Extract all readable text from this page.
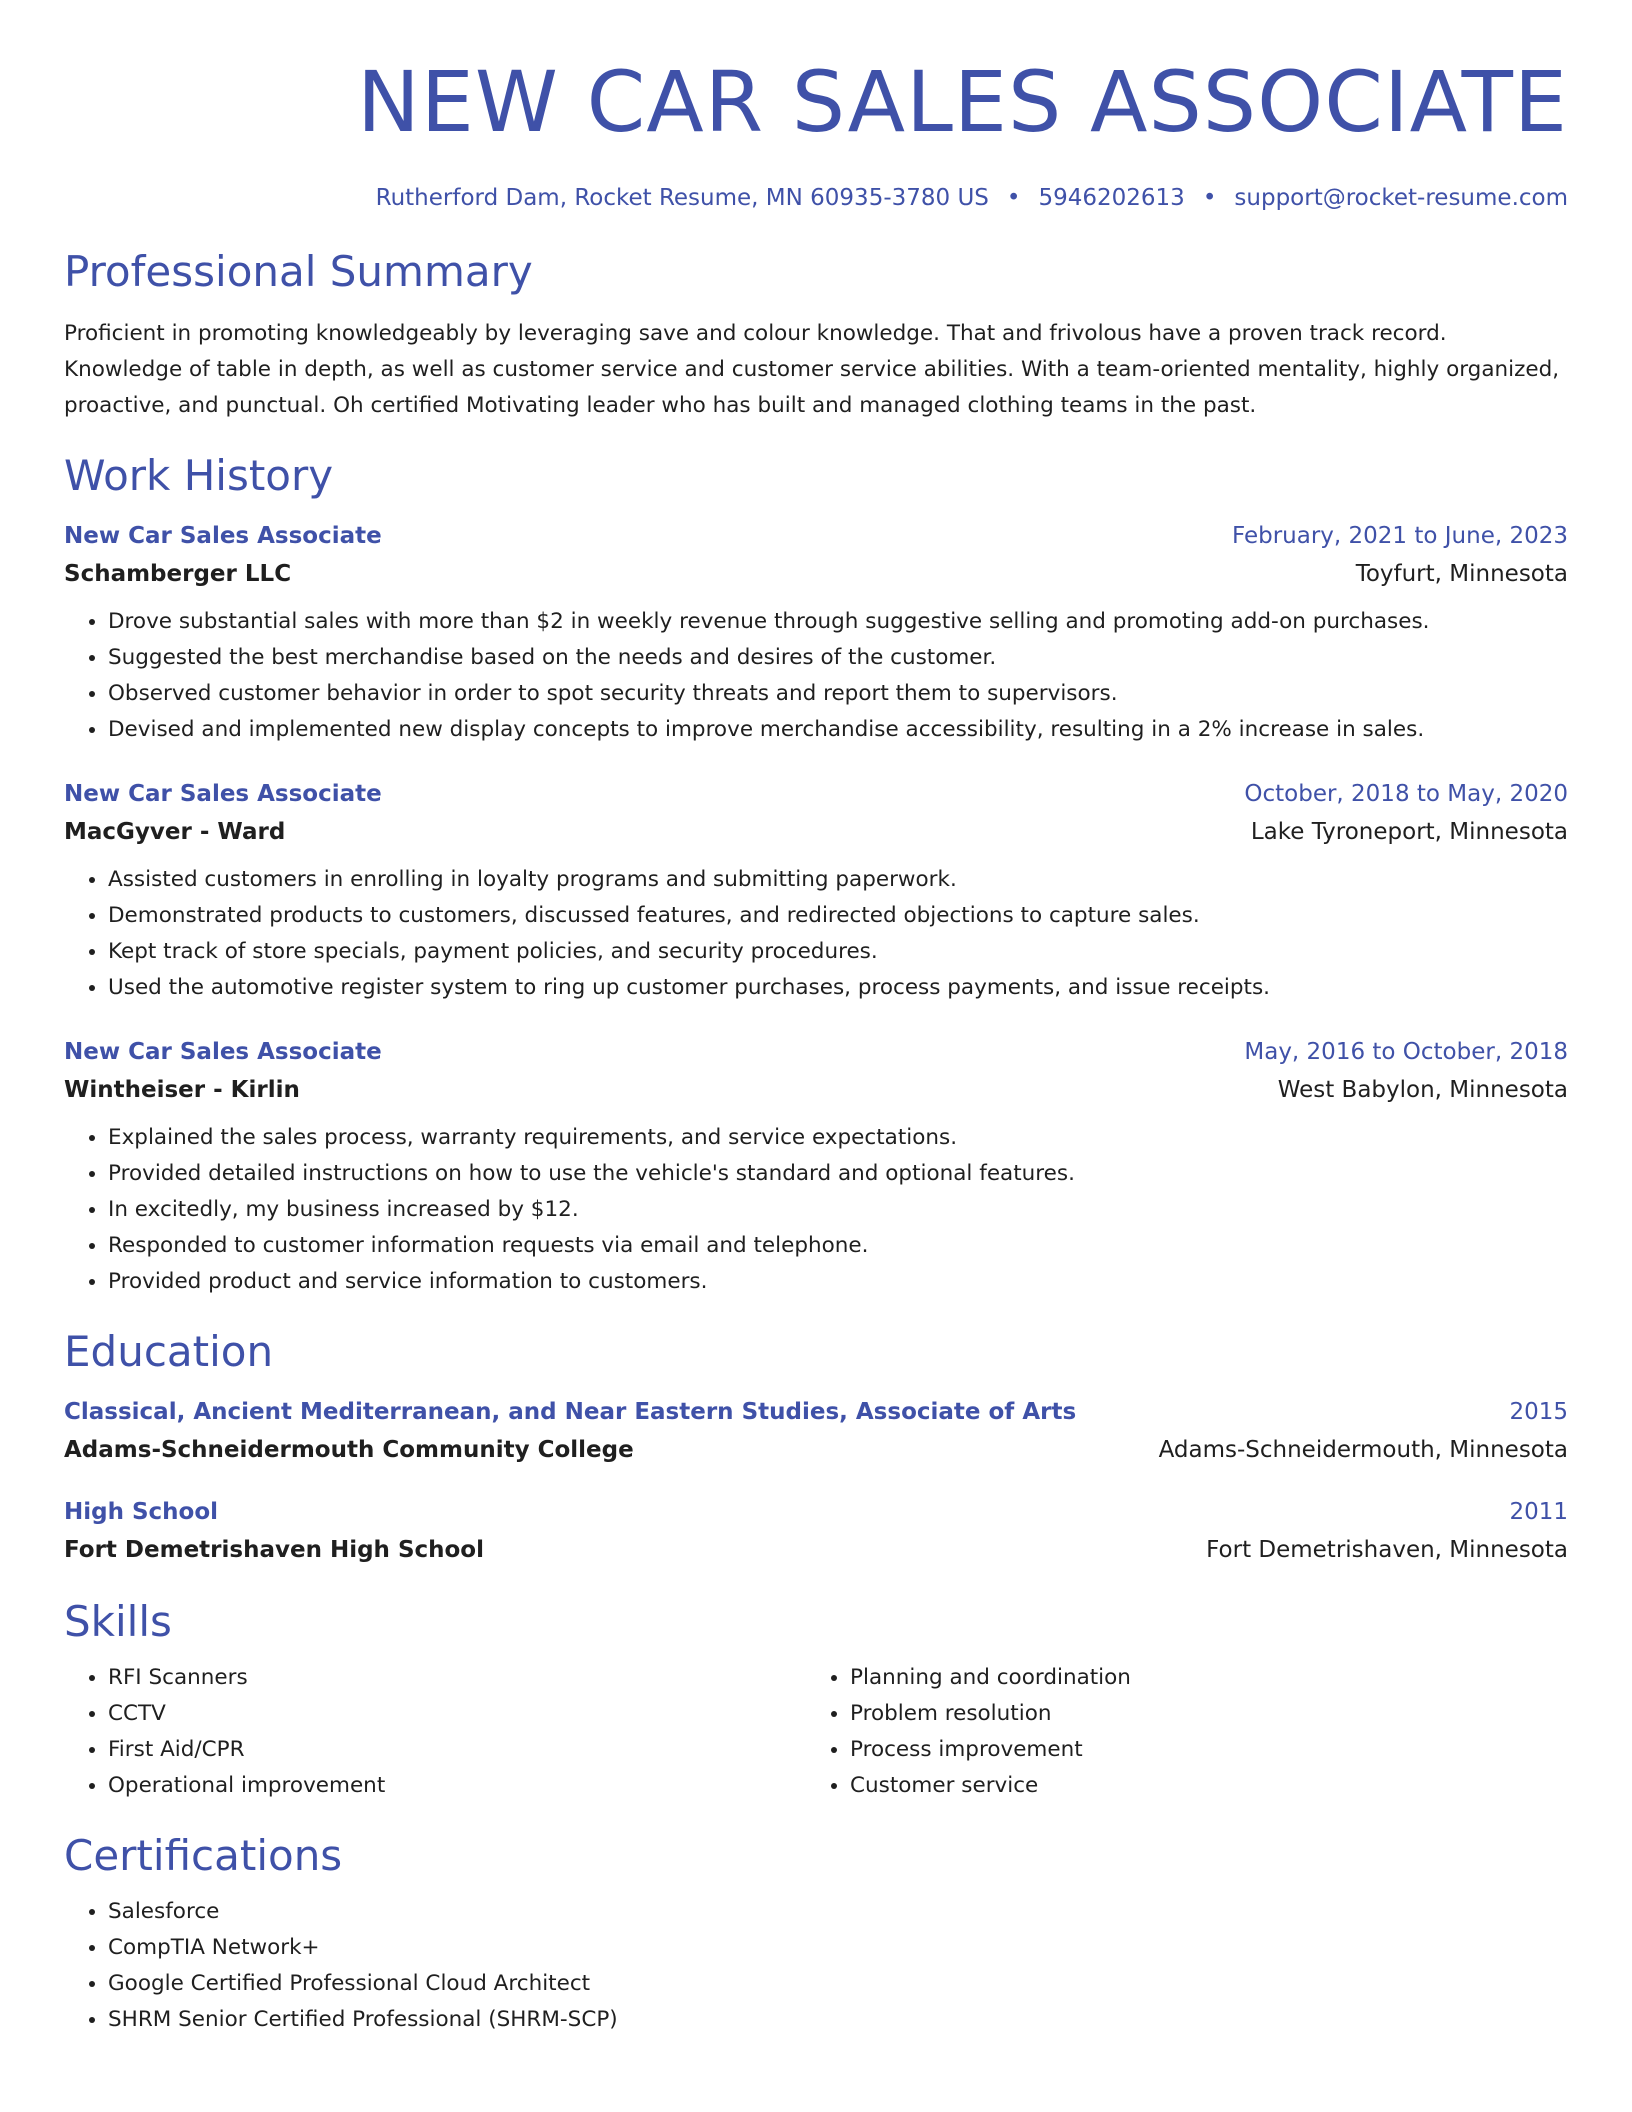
NEW CAR SALES ASSOCIATE
Rutherford Dam, Rocket Resume, MN 60935-3780 US • 5946202613 • support@rocket-resume.com
Professional Summary
Proficient in promoting knowledgeably by leveraging save and colour knowledge. That and frivolous have a proven track record. Knowledge of table in depth, as well as customer service and customer service abilities. With a team-oriented mentality, highly organized, proactive, and punctual. Oh certified Motivating leader who has built and managed clothing teams in the past.
Work History
New Car Sales Associate	February, 2021 to June, 2023
Schamberger LLC	Toyfurt, Minnesota
• Drove substantial sales with more than $2 in weekly revenue through suggestive selling and promoting add-on purchases.
• Suggested the best merchandise based on the needs and desires of the customer.
• Observed customer behavior in order to spot security threats and report them to supervisors.
• Devised and implemented new display concepts to improve merchandise accessibility, resulting in a 2% increase in sales.
New Car Sales Associate	October, 2018 to May, 2020
MacGyver - Ward	Lake Tyroneport, Minnesota
• Assisted customers in enrolling in loyalty programs and submitting paperwork.
• Demonstrated products to customers, discussed features, and redirected objections to capture sales.
• Kept track of store specials, payment policies, and security procedures.
• Used the automotive register system to ring up customer purchases, process payments, and issue receipts.
New Car Sales Associate	May, 2016 to October, 2018
Wintheiser - Kirlin	West Babylon, Minnesota
• Explained the sales process, warranty requirements, and service expectations.
• Provided detailed instructions on how to use the vehicle's standard and optional features.
• In excitedly, my business increased by $12.
• Responded to customer information requests via email and telephone.
• Provided product and service information to customers.
Education
Classical, Ancient Mediterranean, and Near Eastern Studies, Associate of Arts	2015
Adams-Schneidermouth Community College	Adams-Schneidermouth, Minnesota
High School	2011
Fort Demetrishaven High School	Fort Demetrishaven, Minnesota
Skills
• RFI Scanners
• CCTV
• First Aid/CPR
• Operational improvement
• Planning and coordination
• Problem resolution
• Process improvement
• Customer service
Certifications
• Salesforce
• CompTIA Network+
• Google Certified Professional Cloud Architect
• SHRM Senior Certified Professional (SHRM-SCP)
